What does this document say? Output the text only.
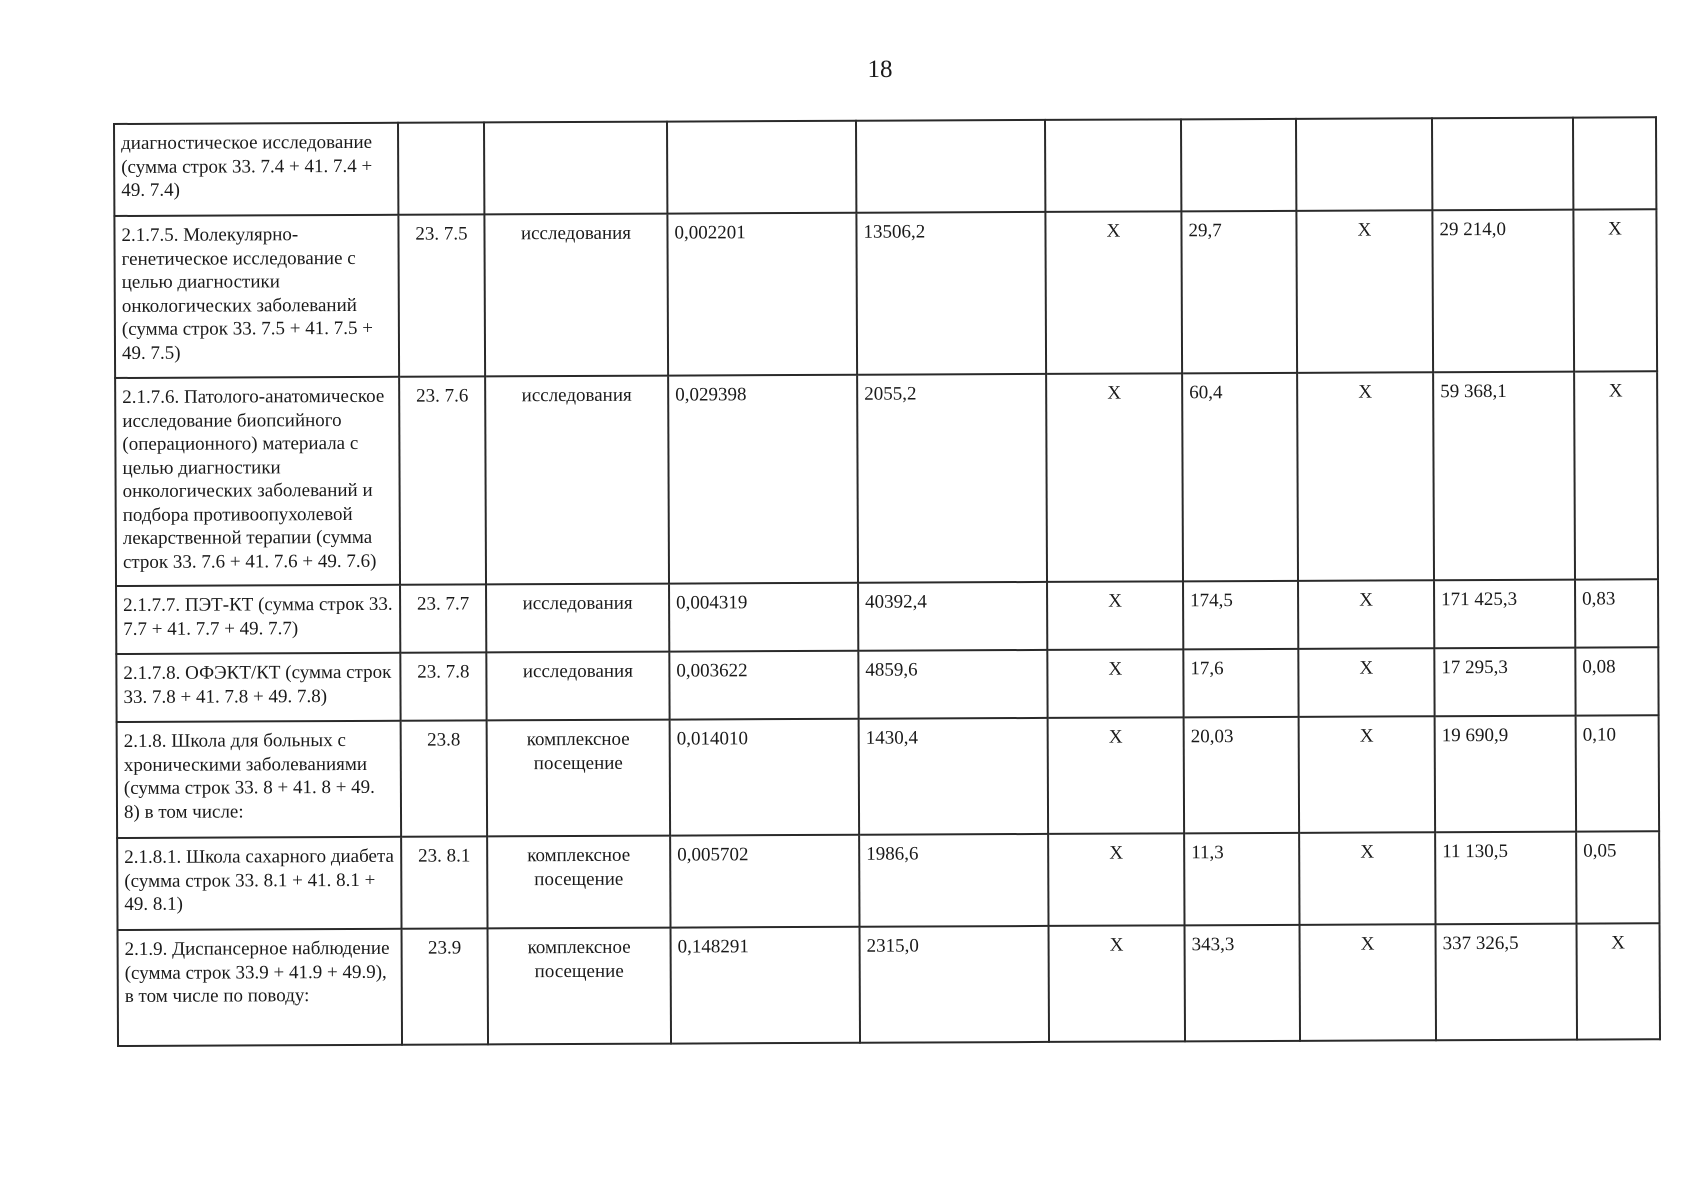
18
диагностическое исследование (сумма строк 33. 7.4 + 41. 7.4 + 49. 7.4)									
2.1.7.5. Молекулярно-генетическое исследование с целью диагностики онкологических заболеваний (сумма строк 33. 7.5 + 41. 7.5 + 49. 7.5)	23. 7.5	исследования	0,002201	13506,2	X	29,7	X	29 214,0	X
2.1.7.6. Патолого-анатомическое исследование биопсийного (операционного) материала с целью диагностики онкологических заболеваний и подбора противоопухолевой лекарственной терапии (сумма строк 33. 7.6 + 41. 7.6 + 49. 7.6)	23. 7.6	исследования	0,029398	2055,2	X	60,4	X	59 368,1	X
2.1.7.7. ПЭТ-КТ (сумма строк 33. 7.7 + 41. 7.7 + 49. 7.7)	23. 7.7	исследования	0,004319	40392,4	X	174,5	X	171 425,3	0,83
2.1.7.8. ОФЭКТ/КТ (сумма строк 33. 7.8 + 41. 7.8 + 49. 7.8)	23. 7.8	исследования	0,003622	4859,6	X	17,6	X	17 295,3	0,08
2.1.8. Школа для больных с хроническими заболеваниями (сумма строк 33. 8 + 41. 8 + 49. 8) в том числе:	23.8	комплексное посещение	0,014010	1430,4	X	20,03	X	19 690,9	0,10
2.1.8.1. Школа сахарного диабета (сумма строк 33. 8.1 + 41. 8.1 + 49. 8.1)	23. 8.1	комплексное посещение	0,005702	1986,6	X	11,3	X	11 130,5	0,05
2.1.9. Диспансерное наблюдение (сумма строк 33.9 + 41.9 + 49.9), в том числе по поводу:	23.9	комплексное посещение	0,148291	2315,0	X	343,3	X	337 326,5	X
